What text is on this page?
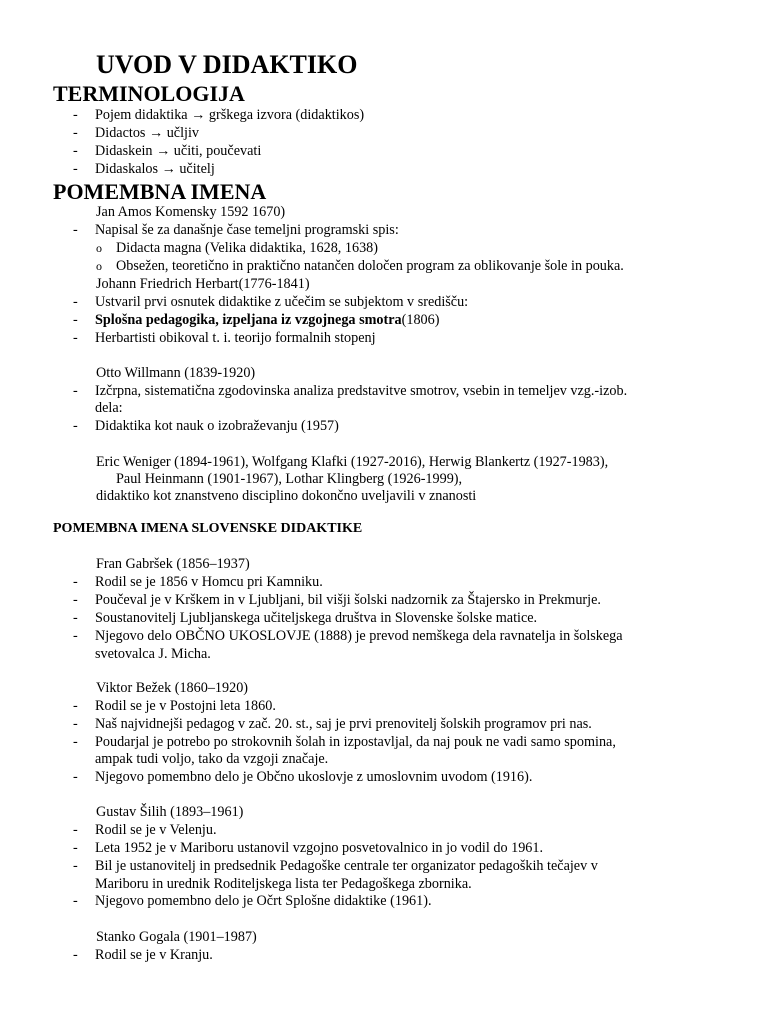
UVOD V DIDAKTIKO
TERMINOLOGIJA
- Pojem didaktika → grškega izvora (didaktikos)
- Didactos → učljiv
- Didaskein → učiti, poučevati
- Didaskalos → učitelj
POMEMBNA IMENA
Jan Amos Komensky 1592 1670)
- Napisal še za današnje čase temeljni programski spis:
o Didacta magna (Velika didaktika, 1628, 1638)
o Obsežen, teoretično in praktično natančen določen program za oblikovanje šole in pouka.
Johann Friedrich Herbart(1776-1841)
- Ustvaril prvi osnutek didaktike z učečim se subjektom v središču:
- Splošna pedagogika, izpeljana iz vzgojnega smotra(1806)
- Herbartisti obikoval t. i. teorijo formalnih stopenj
Otto Willmann (1839-1920)
- Izčrpna, sistematična zgodovinska analiza predstavitve smotrov, vsebin in temeljev vzg.-izob.
dela:
- Didaktika kot nauk o izobraževanju (1957)
Eric Weniger (1894-1961), Wolfgang Klafki (1927-2016), Herwig Blankertz (1927-1983),
Paul Heinmann (1901-1967), Lothar Klingberg (1926-1999),
didaktiko kot znanstveno disciplino dokončno uveljavili v znanosti
POMEMBNA IMENA SLOVENSKE DIDAKTIKE
Fran Gabršek (1856–1937)
- Rodil se je 1856 v Homcu pri Kamniku.
- Poučeval je v Krškem in v Ljubljani, bil višji šolski nadzornik za Štajersko in Prekmurje.
- Soustanovitelj Ljubljanskega učiteljskega društva in Slovenske šolske matice.
- Njegovo delo OBČNO UKOSLOVJE (1888) je prevod nemškega dela ravnatelja in šolskega
svetovalca J. Micha.
Viktor Bežek (1860–1920)
- Rodil se je v Postojni leta 1860.
- Naš najvidnejši pedagog v zač. 20. st., saj je prvi prenovitelj šolskih programov pri nas.
- Poudarjal je potrebo po strokovnih šolah in izpostavljal, da naj pouk ne vadi samo spomina,
ampak tudi voljo, tako da vzgoji značaje.
- Njegovo pomembno delo je Občno ukoslovje z umoslovnim uvodom (1916).
Gustav Šilih (1893–1961)
- Rodil se je v Velenju.
- Leta 1952 je v Mariboru ustanovil vzgojno posvetovalnico in jo vodil do 1961.
- Bil je ustanovitelj in predsednik Pedagoške centrale ter organizator pedagoških tečajev v
Mariboru in urednik Roditeljskega lista ter Pedagoškega zbornika.
- Njegovo pomembno delo je Očrt Splošne didaktike (1961).
Stanko Gogala (1901–1987)
- Rodil se je v Kranju.
